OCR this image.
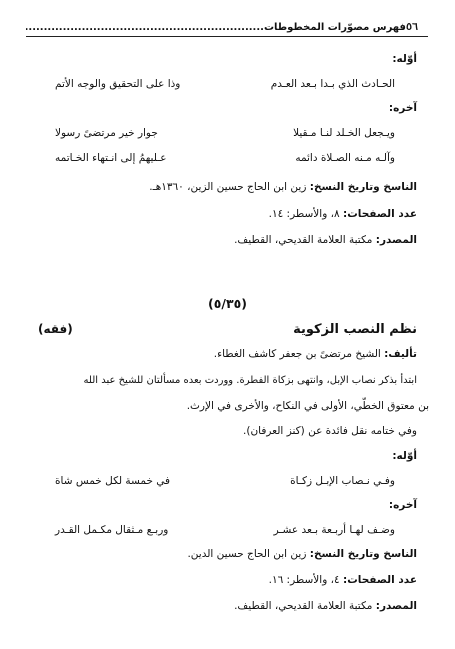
٥٦
فهرس مصوّرات المخطوطات .....
أوّله:
الحـادث الذي بـدا بـعد العـدم
وذا على التحقيق والوجه الأتم
آخره:
ويـجعل الخـلد لنـا مـقيلا
جوار خير مرتضىً رسولا
وآلـه مـنه الصـلاة دائمه
عـليهمُ إلى انـتهاء الخـاتمه
الناسخ وتاريخ النسخ: زين ابن الحاج حسين الزين، ١٣٦٠هـ.
عدد الصفحات: ٨، والأسطر: ١٤.
المصدر: مكتبة العلامة القديحي، القطيف.
(٥/٣٥)
نظم النصب الزكوية
(فقه)
تأليف: الشيخ مرتضىً بن جعفر كاشف الغطاء.
ابتدأ بذكر نصاب الإبل، وانتهى بزكاة الفطرة. ووردت بعده مسألتان للشيخ عبد الله
بن معتوق الخطّي، الأولى في النكاح، والأخرى في الإرث.
وفي ختامه نقل فائدة عن (كنز العرفان).
أوّله:
وفـي نـصاب الإبـل زكـاة
في خمسة لكل خمس شاة
آخره:
وضـف لهـا أربـعة بـعد عشـر
وربـع مـثقال مكـمل القـدر
الناسخ وتاريخ النسخ: زين ابن الحاج حسين الدين.
عدد الصفحات: ٤، والأسطر: ١٦.
المصدر: مكتبة العلامة القديحي، القطيف.
